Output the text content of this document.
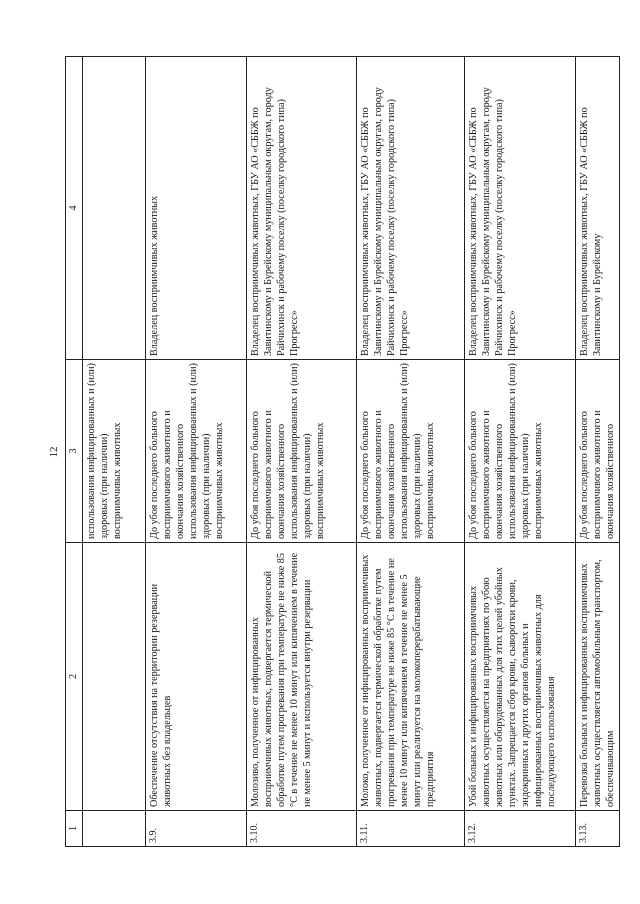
12
1	2	3	4
		использования инфицированных и (или) здоровых (при наличии) восприимчивых животных	
3.9.	Обеспечение отсутствия на территории резервации животных без владельцев	До убоя последнего больного восприимчивого животного и окончания хозяйственного использования инфицированных и (или) здоровых (при наличии) восприимчивых животных	Владелец восприимчивых животных
3.10.	Молозиво, полученное от инфицированных восприимчивых животных, подвергается термической обработке путем прогревания при температуре не ниже 85 °С в течение не менее 10 минут или кипячением в течение не менее 5 минут и используется внутри резервации	До убоя последнего больного восприимчивого животного и окончания хозяйственного использования инфицированных и (или) здоровых (при наличии) восприимчивых животных	Владелец восприимчивых животных, ГБУ АО «СББЖ по Завитинскому и Бурейскому муниципальным округам, городу Райчихинск и рабочему поселку (поселку городского типа) Прогресс»
3.11.	Молоко, полученное от инфицированных восприимчивых животных, подвергается термической обработке путем прогревания при температуре не ниже 85 °С в течение не менее 10 минут или кипячением в течение не менее 5 минут или реализуется на молокоперерабатывающие предприятия	До убоя последнего больного восприимчивого животного и окончания хозяйственного использования инфицированных и (или) здоровых (при наличии) восприимчивых животных	Владелец восприимчивых животных, ГБУ АО «СББЖ по Завитинскому и Бурейскому муниципальным округам, городу Райчихинск и рабочему поселку (поселку городского типа) Прогресс»
3.12.	Убой больных и инфицированных восприимчивых животных осуществляется на предприятиях по убою животных или оборудованных для этих целей убойных пунктах. Запрещается сбор крови, сыворотки крови, эндокринных и других органов больных и инфицированных восприимчивых животных для последующего использования	До убоя последнего больного восприимчивого животного и окончания хозяйственного использования инфицированных и (или) здоровых (при наличии) восприимчивых животных	Владелец восприимчивых животных, ГБУ АО «СББЖ по Завитинскому и Бурейскому муниципальным округам, городу Райчихинск и рабочему поселку (поселку городского типа) Прогресс»
3.13.	Перевозка больных и инфицированных восприимчивых животных осуществляется автомобильным транспортом, обеспечивающим	До убоя последнего больного восприимчивого животного и окончания хозяйственного	Владелец восприимчивых животных, ГБУ АО «СББЖ по Завитинскому и Бурейскому
